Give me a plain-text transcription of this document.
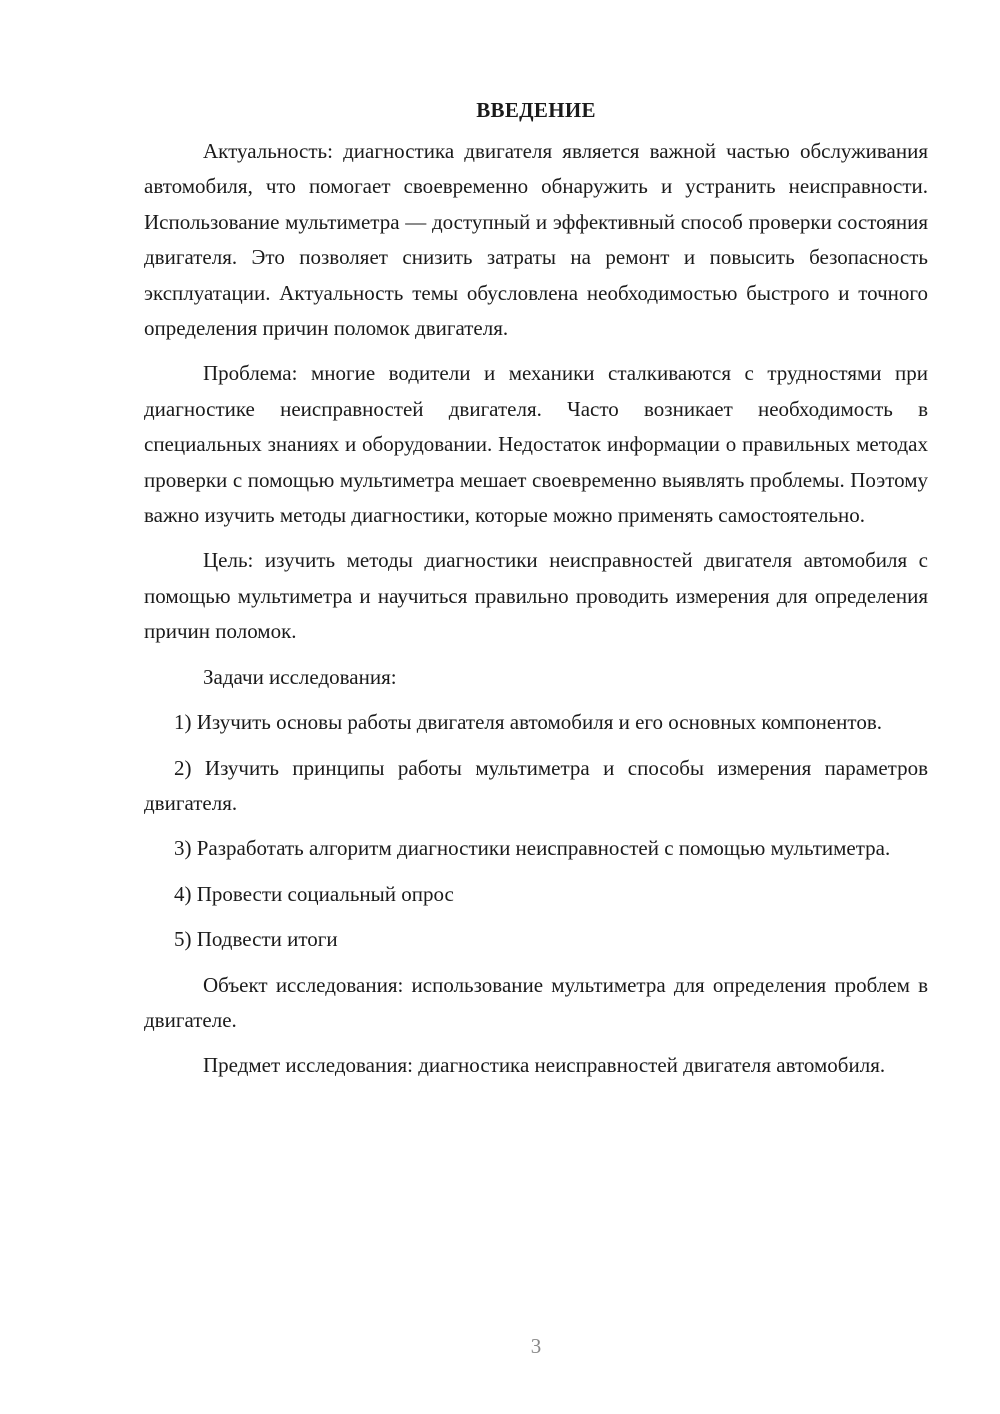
ВВЕДЕНИЕ

Актуальность: диагностика двигателя является важной частью обслуживания автомобиля, что помогает своевременно обнаружить и устранить неисправности. Использование мультиметра — доступный и эффективный способ проверки состояния двигателя. Это позволяет снизить затраты на ремонт и повысить безопасность эксплуатации. Актуальность темы обусловлена необходимостью быстрого и точного определения причин поломок двигателя.

Проблема: многие водители и механики сталкиваются с трудностями при диагностике неисправностей двигателя. Часто возникает необходимость в специальных знаниях и оборудовании. Недостаток информации о правильных методах проверки с помощью мультиметра мешает своевременно выявлять проблемы. Поэтому важно изучить методы диагностики, которые можно применять самостоятельно.

Цель: изучить методы диагностики неисправностей двигателя автомобиля с помощью мультиметра и научиться правильно проводить измерения для определения причин поломок.

Задачи исследования:

1) Изучить основы работы двигателя автомобиля и его основных компонентов.

2) Изучить принципы работы мультиметра и способы измерения параметров двигателя.

3) Разработать алгоритм диагностики неисправностей с помощью мультиметра.

4) Провести социальный опрос

5) Подвести итоги

Объект исследования: использование мультиметра для определения проблем в двигателе.

Предмет исследования: диагностика неисправностей двигателя автомобиля.

3
